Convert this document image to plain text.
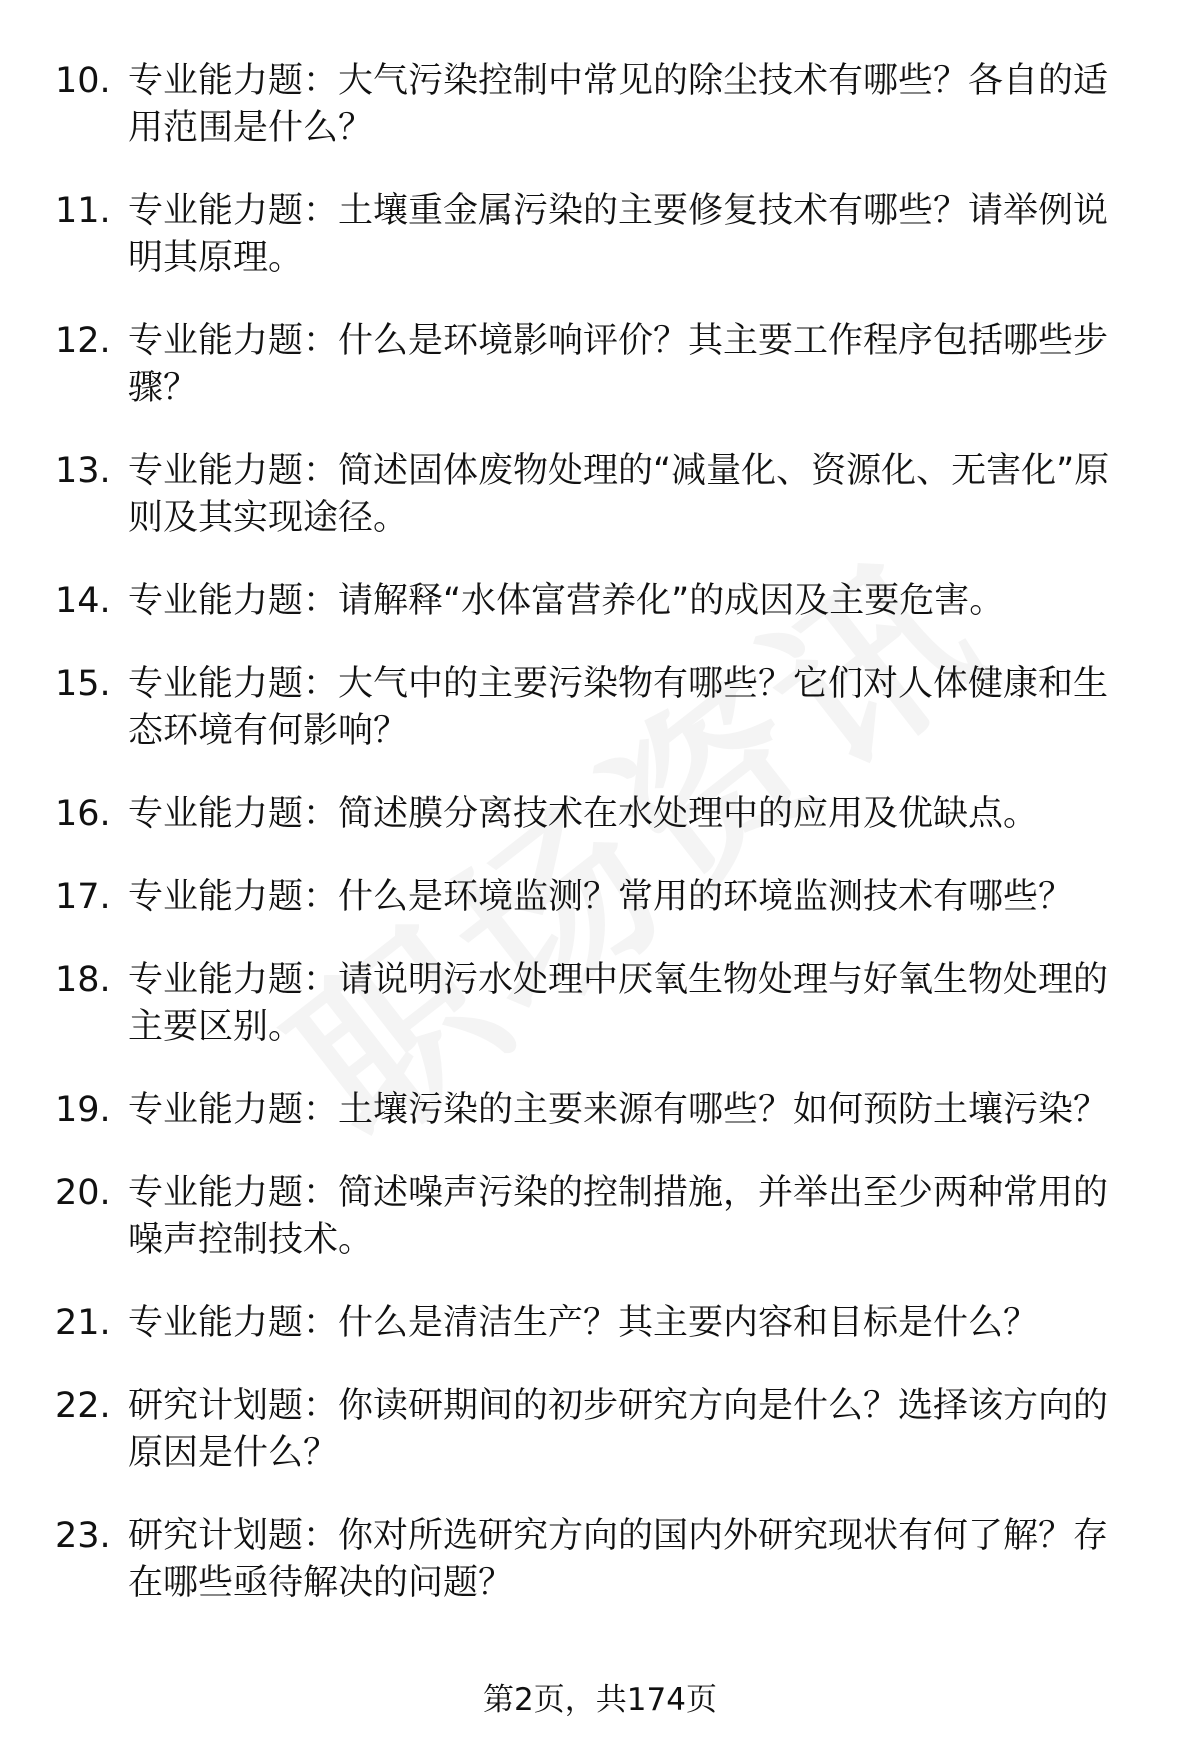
10. 专业能力题：大气污染控制中常见的除尘技术有哪些？各自的适用范围是什么？
11. 专业能力题：土壤重金属污染的主要修复技术有哪些？请举例说明其原理。
12. 专业能力题：什么是环境影响评价？其主要工作程序包括哪些步骤？
13. 专业能力题：简述固体废物处理的“减量化、资源化、无害化”原则及其实现途径。
14. 专业能力题：请解释“水体富营养化”的成因及主要危害。
15. 专业能力题：大气中的主要污染物有哪些？它们对人体健康和生态环境有何影响？
16. 专业能力题：简述膜分离技术在水处理中的应用及优缺点。
17. 专业能力题：什么是环境监测？常用的环境监测技术有哪些？
18. 专业能力题：请说明污水处理中厌氧生物处理与好氧生物处理的主要区别。
19. 专业能力题：土壤污染的主要来源有哪些？如何预防土壤污染？
20. 专业能力题：简述噪声污染的控制措施，并举出至少两种常用的噪声控制技术。
21. 专业能力题：什么是清洁生产？其主要内容和目标是什么？
22. 研究计划题：你读研期间的初步研究方向是什么？选择该方向的原因是什么？
23. 研究计划题：你对所选研究方向的国内外研究现状有何了解？存在哪些亟待解决的问题？
第2页，共174页
